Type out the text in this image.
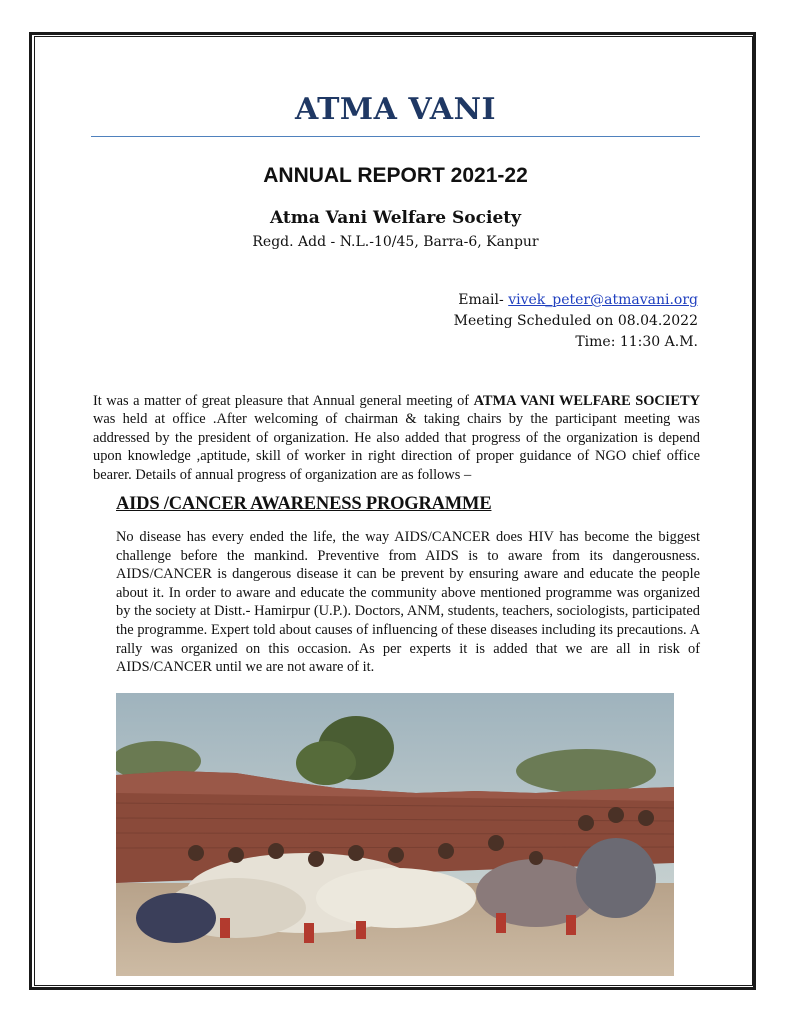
ATMA VANI
ANNUAL REPORT 2021-22
Atma Vani Welfare Society
Regd. Add - N.L.-10/45, Barra-6, Kanpur
Email- vivek_peter@atmavani.org
Meeting Scheduled on 08.04.2022
Time: 11:30 A.M.
It was a matter of great pleasure that Annual general meeting of ATMA VANI WELFARE SOCIETY was held at office .After welcoming of chairman & taking chairs by the participant meeting was addressed by the president of organization. He also added that progress of the organization is depend upon knowledge ,aptitude, skill of worker in right direction of proper guidance of NGO chief office bearer. Details of annual progress of organization are as follows –
AIDS /CANCER AWARENESS PROGRAMME
No disease has every ended the life, the way AIDS/CANCER does HIV has become the biggest challenge before the mankind. Preventive from AIDS is to aware from its dangerousness. AIDS/CANCER is dangerous disease it can be prevent by ensuring aware and educate the people about it. In order to aware and educate the community above mentioned programme was organized by the society at Distt.- Hamirpur (U.P.). Doctors, ANM, students, teachers, sociologists, participated the programme. Expert told about causes of influencing of these diseases including its precautions. A rally was organized on this occasion. As per experts it is added that we are all in risk of AIDS/CANCER until we are not aware of it.
